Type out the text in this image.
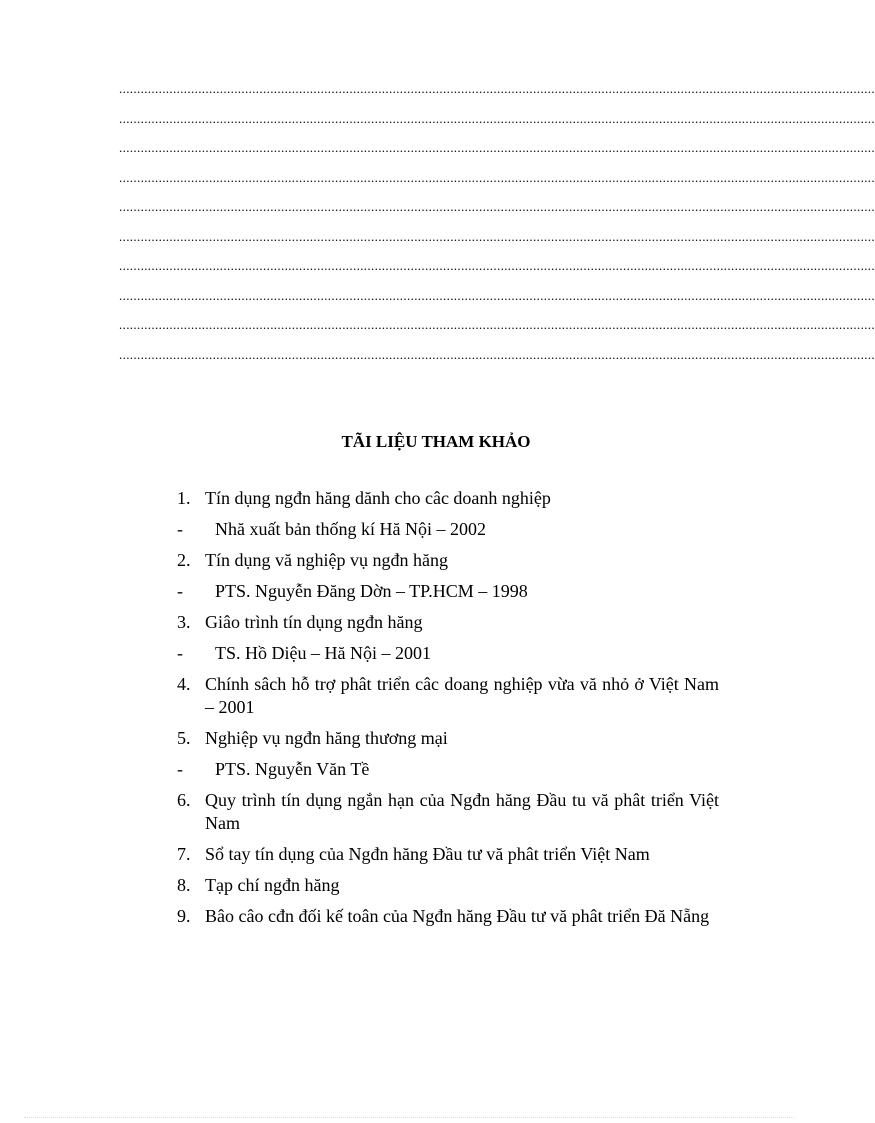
..................................................................................................................................................................................................................
..................................................................................................................................................................................................................
..................................................................................................................................................................................................................
..................................................................................................................................................................................................................
..................................................................................................................................................................................................................
..................................................................................................................................................................................................................
..................................................................................................................................................................................................................
..................................................................................................................................................................................................................
..................................................................................................................................................................................................................
..................................................................................................................................................................................................................
TÃI LIỆU THAM KHẢO
1. Tín dụng ngđn hăng dănh cho câc doanh nghiệp
-	Nhă xuất bản thống kí Hă Nội – 2002
2. Tín dụng vă nghiệp vụ ngđn hăng
-	PTS. Nguyễn Đăng Dờn – TP.HCM – 1998
3. Giâo trình tín dụng ngđn hăng
-	TS. Hồ Diệu – Hă Nội – 2001
4. Chính sâch hỗ trợ phât triển câc doang nghiệp vừa vă nhỏ ở Việt Nam – 2001
5. Nghiệp vụ ngđn hăng thương mại
-	PTS. Nguyễn Văn Tề
6. Quy trình tín dụng ngắn hạn của Ngđn hăng Đầu tu vă phât triển Việt Nam
7. Sổ tay tín dụng của Ngđn hăng Đầu tư vă phât triển Việt Nam
8. Tạp chí ngđn hăng
9. Bâo câo cđn đối kế toân của Ngđn hăng Đầu tư vă phât triển Đă Nẵng
